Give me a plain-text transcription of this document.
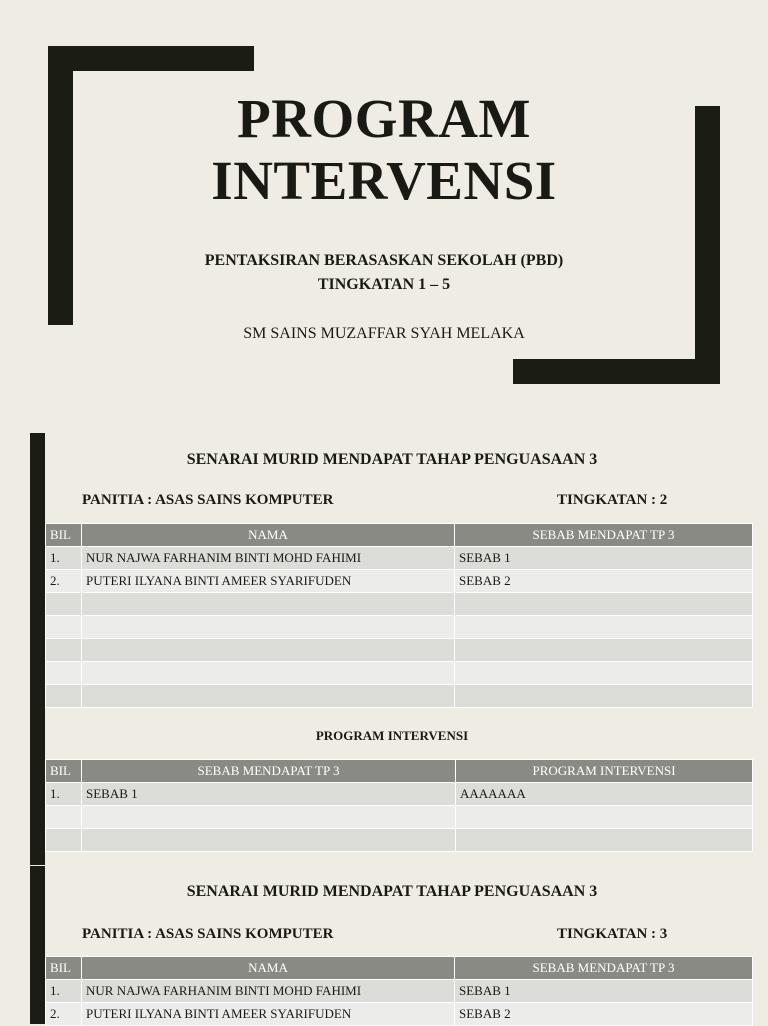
PROGRAM
INTERVENSI
PENTAKSIRAN BERASASKAN SEKOLAH (PBD)
TINGKATAN 1 – 5
SM SAINS MUZAFFAR SYAH MELAKA
SENARAI MURID MENDAPAT TAHAP PENGUASAAN 3
PANITIA : ASAS SAINS KOMPUTER	TINGKATAN : 2
BIL	NAMA	SEBAB MENDAPAT TP 3
1.	NUR NAJWA FARHANIM BINTI MOHD FAHIMI	SEBAB 1
2.	PUTERI ILYANA BINTI AMEER SYARIFUDEN	SEBAB 2

PROGRAM INTERVENSI
BIL	SEBAB MENDAPAT TP 3	PROGRAM INTERVENSI
1.	SEBAB 1	AAAAAAA

SENARAI MURID MENDAPAT TAHAP PENGUASAAN 3
PANITIA : ASAS SAINS KOMPUTER	TINGKATAN : 3
BIL	NAMA	SEBAB MENDAPAT TP 3
1.	NUR NAJWA FARHANIM BINTI MOHD FAHIMI	SEBAB 1
2.	PUTERI ILYANA BINTI AMEER SYARIFUDEN	SEBAB 2
